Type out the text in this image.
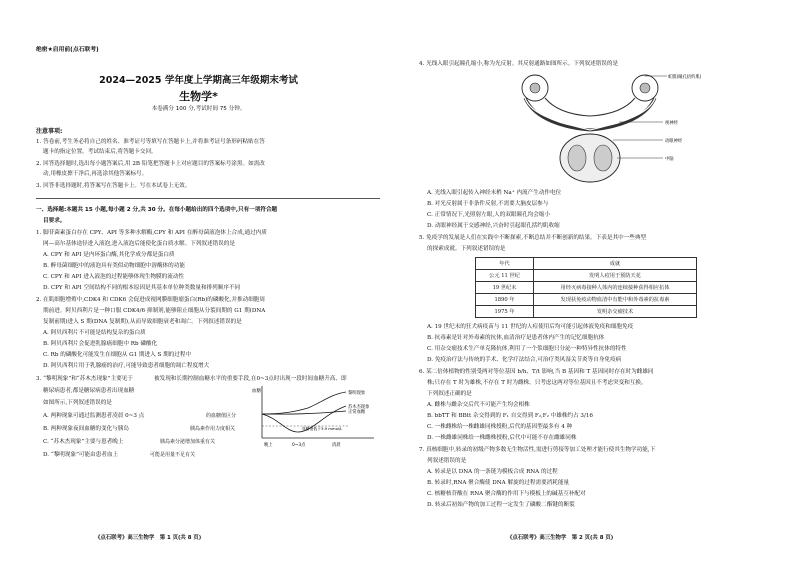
绝密★启用前(点石联考)
2024—2025 学年度上学期高三年级期末考试
生物学*
本卷满分 100 分,考试时间 75 分钟。
注意事项:
1. 答卷前,考生务必将自己的姓名、准考证号等填写在答题卡上,并将准考证号条形码粘贴在答
题卡的指定位置。考试结束后,将答题卡交回。
2. 回答选择题时,选出每小题答案后,用 2B 铅笔把答题卡上对应题目的答案标号涂黑。如需改
动,用橡皮擦干净后,再选涂其他答案标号。
3. 回答非选择题时,将答案写在答题卡上。写在本试卷上无效。
一、选择题:本题共 15 小题,每小题 2 分,共 30 分。在每小题给出的四个选项中,只有一项符合题
目要求。
1. 脚苷菌素蛋白存在 CPY、API 等多种水解酶,CPY 和 API 在醉母菌液泡体上合成,通过内质
网—高尔基体途径进入液泡,进入液泡后能使化蛋白质水解。下列叙述错误的是
A. CPY 和 API 是内环蛋白酶,其化学成分都是蛋白质
B. 醉母菌细胞中的液泡具有类似动物细胞中溶酶体的功能
C. CPY 和 API 进入液泡的过程能够体现生物膜的流动性
D. CPY 和 API 空间结构不同的根本原因是其基本单位种类数量和排列顺序不同
2. 在肌细胞增殖中,CDK4 和 CDK6 会促进成视网膜细胞瘤蛋白(Rb)的磷酸化,并推动细胞周
期前进。阿贝西利片是一种口服 CDK4/6 抑制剂,能够阻止细胞从分裂间期的 G1 期(DNA
复制前期)进入 S 期(DNA 复制期),从而导致细胞衰老和凋亡。下列叙述错误的是
A. 阿贝西利片不可能是结构复杂的蛋白质
B. 阿贝西利片会促进乳腺癌细胞中 Rb 磷酸化
C. Rb 的磷酸化可能发生在细胞从 G1 期进入 S 期的过程中
D. 阿贝西利片用于乳腺癌的治疗,可能导致患者细胞的凋亡程度增大
3. “黎明现象”和“苏木杰现象”主要见于
糖尿病患者,都是糖尿病患者出现血糖
如图所示,下列叙述错误的是
A. 两种现象可通过监测患者凌晨 0~3 点
B. 两种现象夜间血糖的变化与胰岛
C. “苏木杰现象”主要与患者晚上
D. “黎明现象”可能由患者血上
被发现和长期控制血糖水平的重要手段,在0~3点时出现一段时间血糖升高、即
的血糖值区分
胰岛素作用力度相关
胰岛素分泌增加体重有关
可能是用量不足有关
血糖	黎明现象
正常血糖
苏木杰现象
血糖值低于3.9 mmol/L
晚上	0~3点	清晨
《点石联考》高三生物学　第 1 页(共 8 页)
4. 光线入眼引起瞳孔缩小,称为光反射。其反射通路如图所示。下列叙述错误的是
虹膜(瞳孔括约肌)
视神经
动眼神经
中脑
A. 光线入眼引起传入神经末梢 Na⁺ 内流产生动作电位
B. 对光反射属于非条件反射,不需要大脑皮层参与
C. 正常情况下,光照射左眼,人的双眼瞳孔均会缩小
D. 动眼神经属于交感神经,兴奋时引起眼孔括约肌收缩
5. 免疫学的发展是人们在实践中不断探索,不断总结并不断创新的结果。下表是其中一些典型
的探索成就。下列叙述错误的是
年代	成就
公元 11 世纪	发明人痘用于预防天花
19 世纪末	用经灭病毒接种人体内的连续接种获得相应抗体
1890 年	发现获免疫动物血清中有能中和外毒素的抗毒素
1975 年	发明杂交瘤技术
A. 19 世纪末的狂犬病疫苗与 11 世纪的人痘使用后均可能引起体液免疫和细胞免疫
B. 抗毒素是针对外毒素的抗体,血清治疗是患者体内产生的记忆细胞抗体
C. 用杂交瘤技术生产单克隆抗体,利用了一个浆细胞只分泌一种特异性抗体的特性
D. 免疫治疗法与传统的手术、化学疗法结合,可治疗类风湿关节炎等自身免疫病
6. 某二倍体植物的性别受两对等位基因 b/h、T/t 影响,当 B 基因和 T 基因同时存在时为雌雄同
株;只存在 T 时为雄株,不存在 T 时为雌株。只考虑这两对等位基因且不考虑突变和互换。
下列叙述正确的是
A. 雌株与雌杂交后代不可能产生均会相株
B. bbTT 和 BBtt 杂交得到的 F₁ 自交得到 F₂,F₂ 中雄株约占 3/16
C. 一株雌株给一株雌雄同株授粉,后代的基因型最多有 4 种
D. 一株雌雄同株给一株雌株授粉,后代中可能不存在雌雄同株
7. 真核细胞中,转录的初级产物多数无生物活性,需进行剪接等加工处理才能行使其生物学功能,下
列叙述错误的是
A. 转录是以 DNA 的一条链为模板合成 RNA 的过程
B. 转录时,RNA 聚合酶使 DNA 解旋的过程需要消耗能量
C. 核糖核苷酸在 RNA 聚合酶的作用下与模板上的碱基互补配对
D. 转录后初始产物的加工过程一定发生了磷酸二酯键的断裂
《点石联考》高三生物学　第 2 页(共 8 页)
